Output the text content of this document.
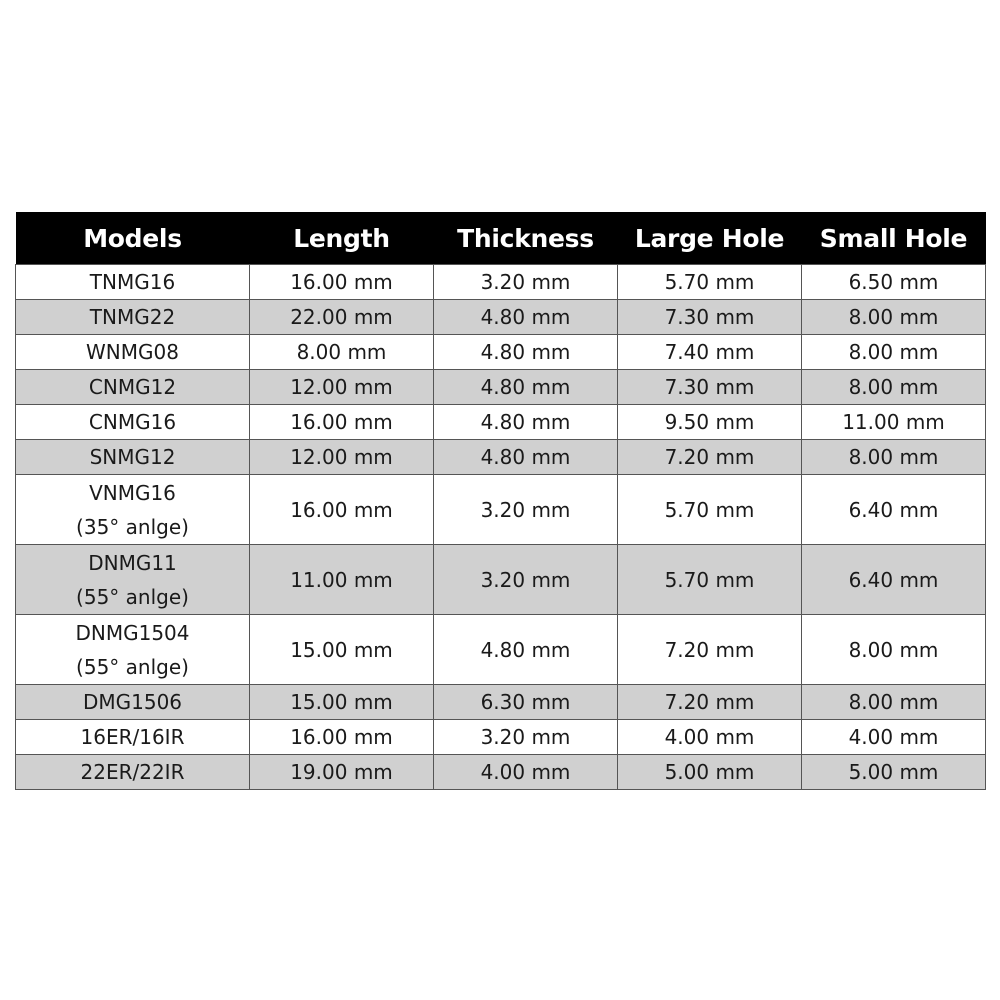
Models	Length	Thickness	Large Hole	Small Hole

TNMG16	16.00 mm	3.20 mm	5.70 mm	6.50 mm

TNMG22	22.00 mm	4.80 mm	7.30 mm	8.00 mm

WNMG08	8.00 mm	4.80 mm	7.40 mm	8.00 mm

CNMG12	12.00 mm	4.80 mm	7.30 mm	8.00 mm

CNMG16	16.00 mm	4.80 mm	9.50 mm	11.00 mm

SNMG12	12.00 mm	4.80 mm	7.20 mm	8.00 mm

VNMG16
(35° anlge)	16.00 mm	3.20 mm	5.70 mm	6.40 mm

DNMG11
(55° anlge)	11.00 mm	3.20 mm	5.70 mm	6.40 mm

DNMG1504
(55° anlge)	15.00 mm	4.80 mm	7.20 mm	8.00 mm

DMG1506	15.00 mm	6.30 mm	7.20 mm	8.00 mm

16ER/16IR	16.00 mm	3.20 mm	4.00 mm	4.00 mm

22ER/22IR	19.00 mm	4.00 mm	5.00 mm	5.00 mm
